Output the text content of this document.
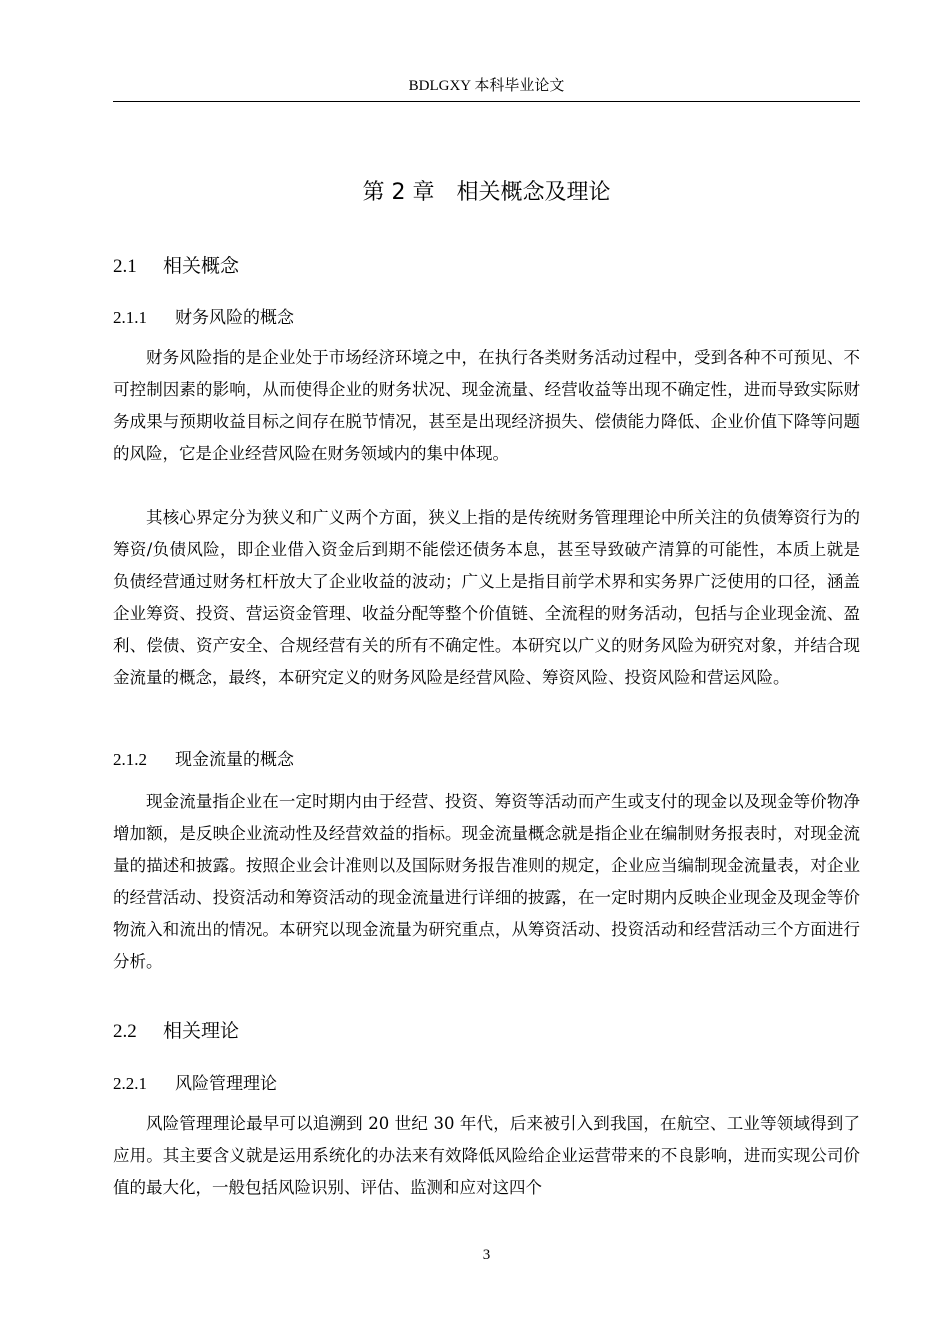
BDLGXY 本科毕业论文
第 2 章　相关概念及理论
2.1 相关概念
2.1.1 财务风险的概念
财务风险指的是企业处于市场经济环境之中，在执行各类财务活动过程中，受到各种不可预见、不可控制因素的影响，从而使得企业的财务状况、现金流量、经营收益等出现不确定性，进而导致实际财务成果与预期收益目标之间存在脱节情况，甚至是出现经济损失、偿债能力降低、企业价值下降等问题的风险，它是企业经营风险在财务领域内的集中体现。
其核心界定分为狭义和广义两个方面，狭义上指的是传统财务管理理论中所关注的负债筹资行为的筹资/负债风险，即企业借入资金后到期不能偿还债务本息，甚至导致破产清算的可能性，本质上就是负债经营通过财务杠杆放大了企业收益的波动；广义上是指目前学术界和实务界广泛使用的口径，涵盖企业筹资、投资、营运资金管理、收益分配等整个价值链、全流程的财务活动，包括与企业现金流、盈利、偿债、资产安全、合规经营有关的所有不确定性。本研究以广义的财务风险为研究对象，并结合现金流量的概念，最终，本研究定义的财务风险是经营风险、筹资风险、投资风险和营运风险。
2.1.2 现金流量的概念
现金流量指企业在一定时期内由于经营、投资、筹资等活动而产生或支付的现金以及现金等价物净增加额，是反映企业流动性及经营效益的指标。现金流量概念就是指企业在编制财务报表时，对现金流量的描述和披露。按照企业会计准则以及国际财务报告准则的规定，企业应当编制现金流量表，对企业的经营活动、投资活动和筹资活动的现金流量进行详细的披露，在一定时期内反映企业现金及现金等价物流入和流出的情况。本研究以现金流量为研究重点，从筹资活动、投资活动和经营活动三个方面进行分析。
2.2 相关理论
2.2.1 风险管理理论
风险管理理论最早可以追溯到 20 世纪 30 年代，后来被引入到我国，在航空、工业等领域得到了应用。其主要含义就是运用系统化的办法来有效降低风险给企业运营带来的不良影响，进而实现公司价值的最大化，一般包括风险识别、评估、监测和应对这四个
3
